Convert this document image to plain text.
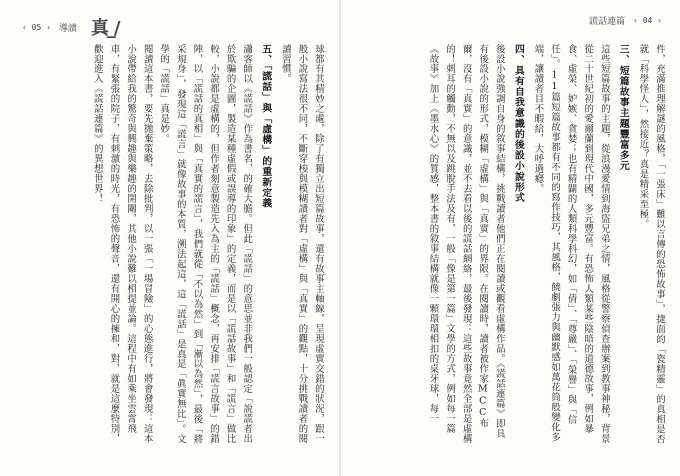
‹ 05 › 導讀 真_/	謊話連篇 ‹ 04 ›

件，充滿推理解謎的風格，「一張床」難以言傳的恐怖故事」，捷面的「瓷精靈」的真相是否就「科學怪人」，然接近？真是精采至極。

三、短篇故事主題豐富多元

這些短篇故事的主題，從浪漫愛情到海盜兄弟之情，風格從警察偵查辦案到教事神秘，背景從二十世紀初的愛爾蘭到現代中國，多元豐富。有恐怖人類某些陰暗的道德故事，例如暴食、虛榮、妒嫉、貪婪；也有精闢的人類科學科幻，如「倩」、「尊嚴」、「榮譽」與「信任」。11篇短篇故事都有不同的寫作技巧，其風格，饒劇張力與幽默感如萬花筒般變化多端，讓讀者目不暇給，大呼過癮。

四、具有自我意識的後設小說形式

後設小說強調自身的敘事結構，挑戰讀者他們正在閱讀或觀看虛構作品。《謊話連篇》即具有後設小說的形式，模糊「虛構」與「真實」的界限。在閱讀時，讀者被作家MCC布爾，沒有「真實」的意識，並不去看以後的謊話網絡，最後發現：這些故事竟然全部是虛構的！刺耳的觸動，不無以及跳脫手法及有，一般「像是第一篇」文學的方式，例如每一篇《故事》加上《墨水心》的質感，整本書的敘事結構就像一顆環環相扣的桌牙球，每一

球都有其精妙之處，除了有獨立出短篇故事，還有故事主軸線，呈現虛實交錯的狀況，跟一般小說寫法很不同，不斷穿梭與模糊讀者對「虛構」與「真實」的觀點，十分挑戰讀者的閱讀習慣。

五、「謊話」與「虛構」的重新定義

瀟客師以《謊話》作為書名，的確大膽。但此「謊話」的意思並非我們一般認定「說謊者出於欺騙的企圖，製造某種虛假或誤導的印象」的定義，而是以「謊話故事」和「謊言」做比較，小說都是虛構的，但作者刻意製造先入為主的「謊話」概念，再安排「謊言故事」的錯陣，以「謊話的真相」與「真實的謊言」，我們就從「不以為然」到「漸以為然」，最後「將采規身」，發現這「謊言」就像故事的本質，溯法起這，這「謊話」是真是「眞實無比」。文學的「謊話」真是妙。

閱讀這本書，要先拋棄策略，去除批判，以一張「一場冒險」的心態進行，將會發現：這本小說帶給我的驚奇與興趣與樂趣的開關，其他小說難以相提並論。這程中有如乘坐雲霄飛車，有緊張的院子，有刺激的時光，有恐怖的聲音，還有開心的擁和，對，就是這麼特別，歡迎進入《謊話連篇》的異想世界！
